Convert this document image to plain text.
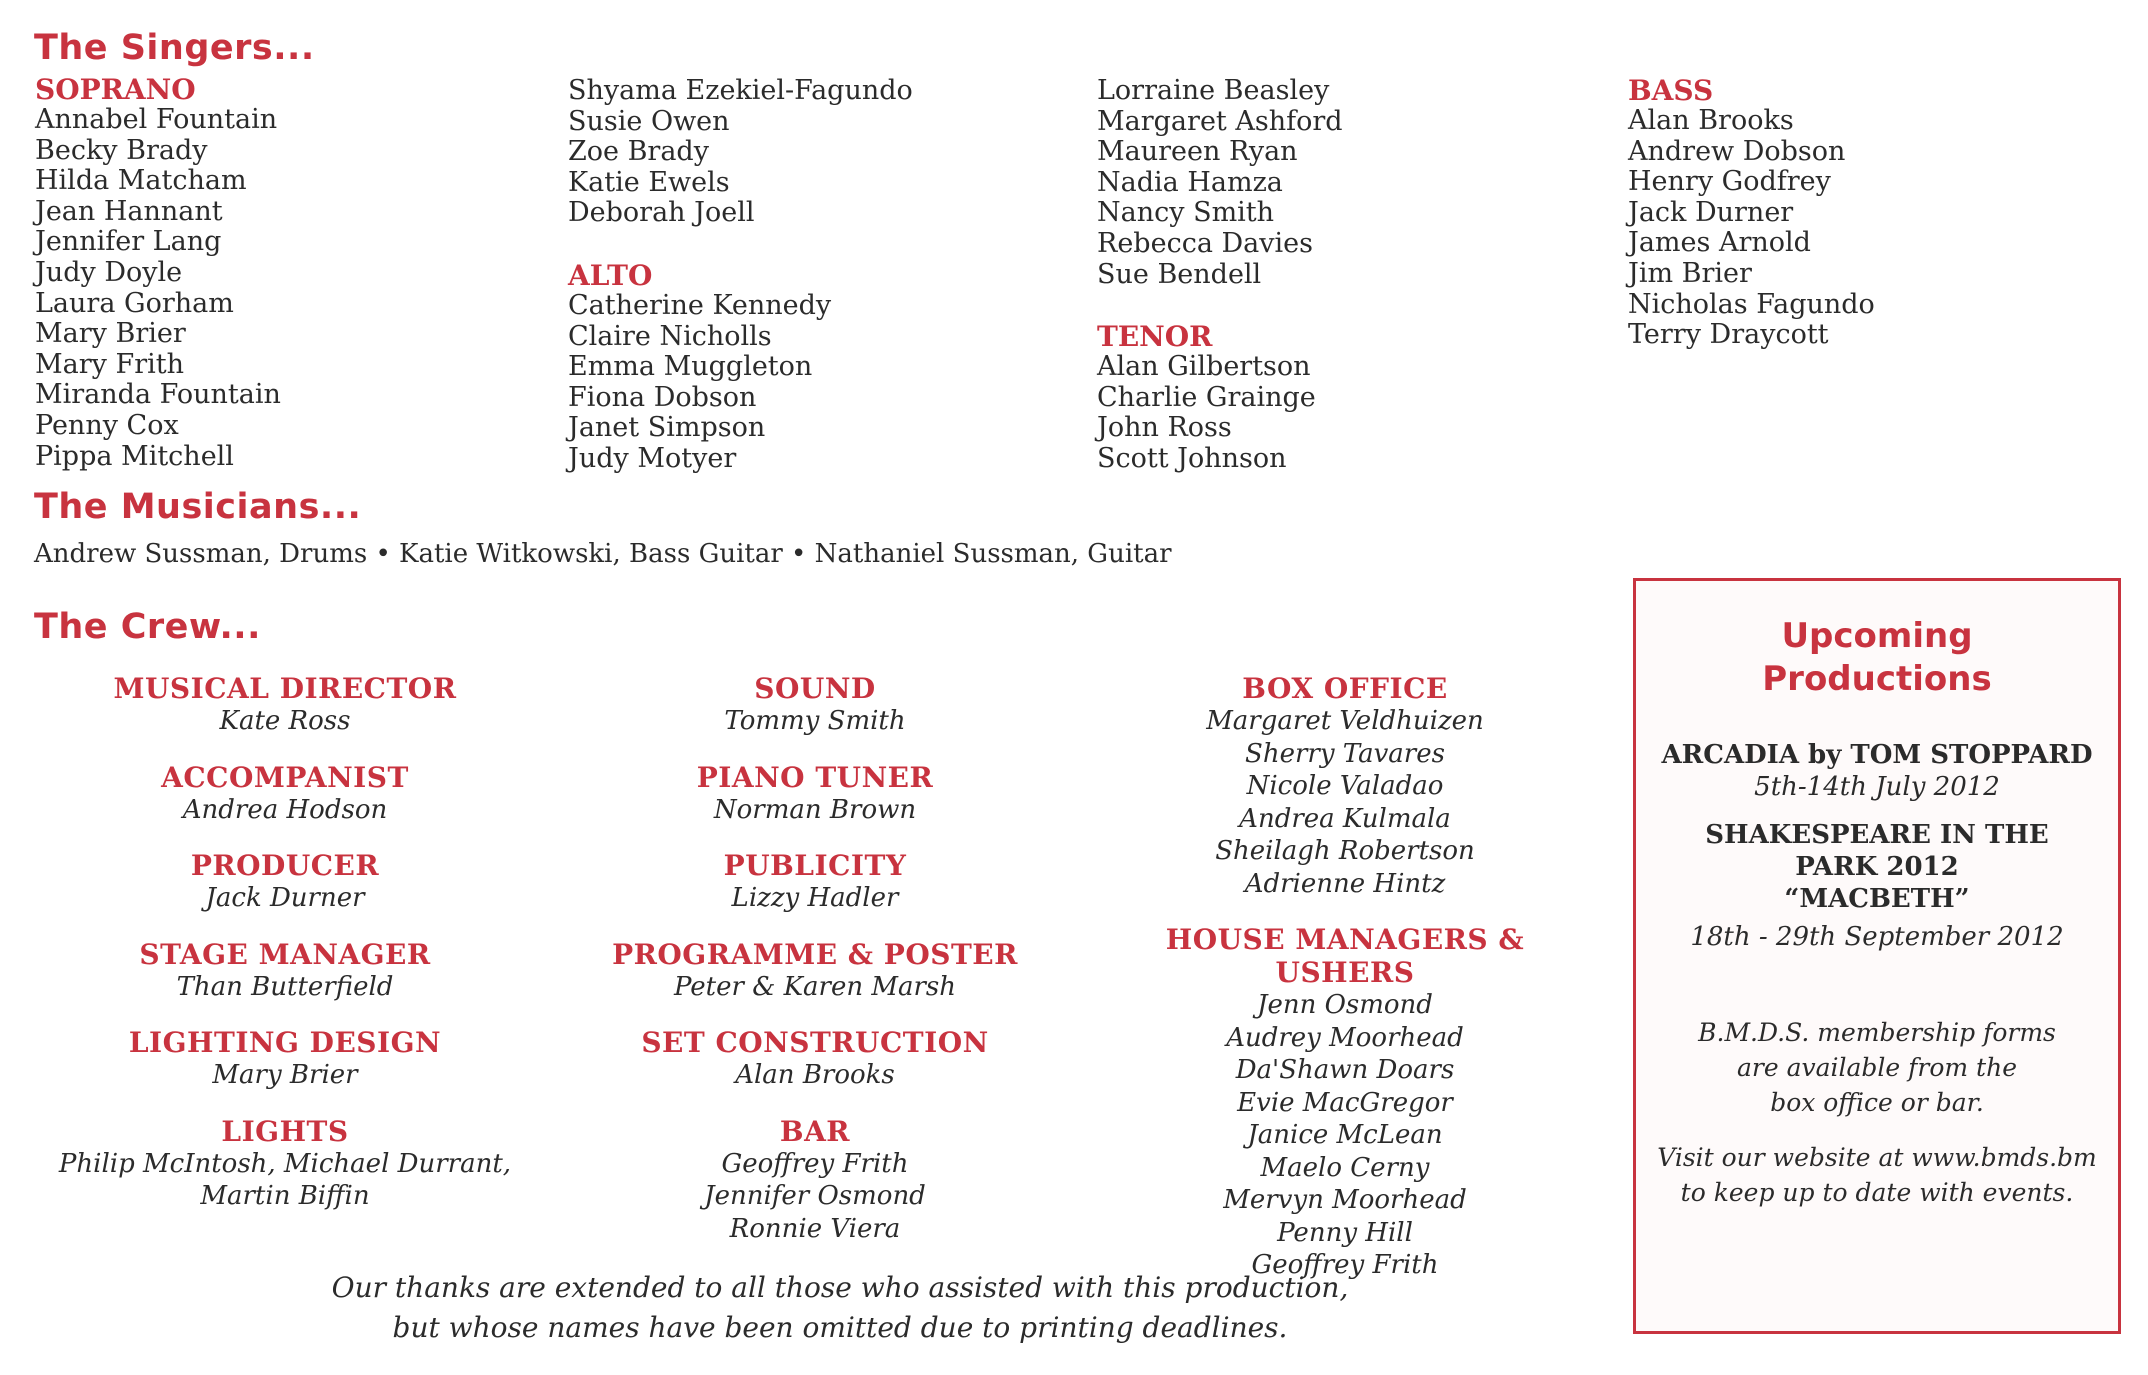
The Singers...
SOPRANO
Annabel Fountain
Becky Brady
Hilda Matcham
Jean Hannant
Jennifer Lang
Judy Doyle
Laura Gorham
Mary Brier
Mary Frith
Miranda Fountain
Penny Cox
Pippa Mitchell
Shyama Ezekiel-Fagundo
Susie Owen
Zoe Brady
Katie Ewels
Deborah Joell
ALTO
Catherine Kennedy
Claire Nicholls
Emma Muggleton
Fiona Dobson
Janet Simpson
Judy Motyer
Lorraine Beasley
Margaret Ashford
Maureen Ryan
Nadia Hamza
Nancy Smith
Rebecca Davies
Sue Bendell
TENOR
Alan Gilbertson
Charlie Grainge
John Ross
Scott Johnson
BASS
Alan Brooks
Andrew Dobson
Henry Godfrey
Jack Durner
James Arnold
Jim Brier
Nicholas Fagundo
Terry Draycott
The Musicians...
Andrew Sussman, Drums • Katie Witkowski, Bass Guitar • Nathaniel Sussman, Guitar
The Crew...
MUSICAL DIRECTOR
Kate Ross
ACCOMPANIST
Andrea Hodson
PRODUCER
Jack Durner
STAGE MANAGER
Than Butterfield
LIGHTING DESIGN
Mary Brier
LIGHTS
Philip McIntosh, Michael Durrant,
Martin Biffin
SOUND
Tommy Smith
PIANO TUNER
Norman Brown
PUBLICITY
Lizzy Hadler
PROGRAMME & POSTER
Peter & Karen Marsh
SET CONSTRUCTION
Alan Brooks
BAR
Geoffrey Frith
Jennifer Osmond
Ronnie Viera
BOX OFFICE
Margaret Veldhuizen
Sherry Tavares
Nicole Valadao
Andrea Kulmala
Sheilagh Robertson
Adrienne Hintz
HOUSE MANAGERS & USHERS
Jenn Osmond
Audrey Moorhead
Da'Shawn Doars
Evie MacGregor
Janice McLean
Maelo Cerny
Mervyn Moorhead
Penny Hill
Geoffrey Frith
Our thanks are extended to all those who assisted with this production,
but whose names have been omitted due to printing deadlines.
Upcoming
Productions
ARCADIA by TOM STOPPARD
5th-14th July 2012
SHAKESPEARE IN THE
PARK 2012
“MACBETH”
18th - 29th September 2012
B.M.D.S. membership forms
are available from the
box office or bar.
Visit our website at www.bmds.bm
to keep up to date with events.
